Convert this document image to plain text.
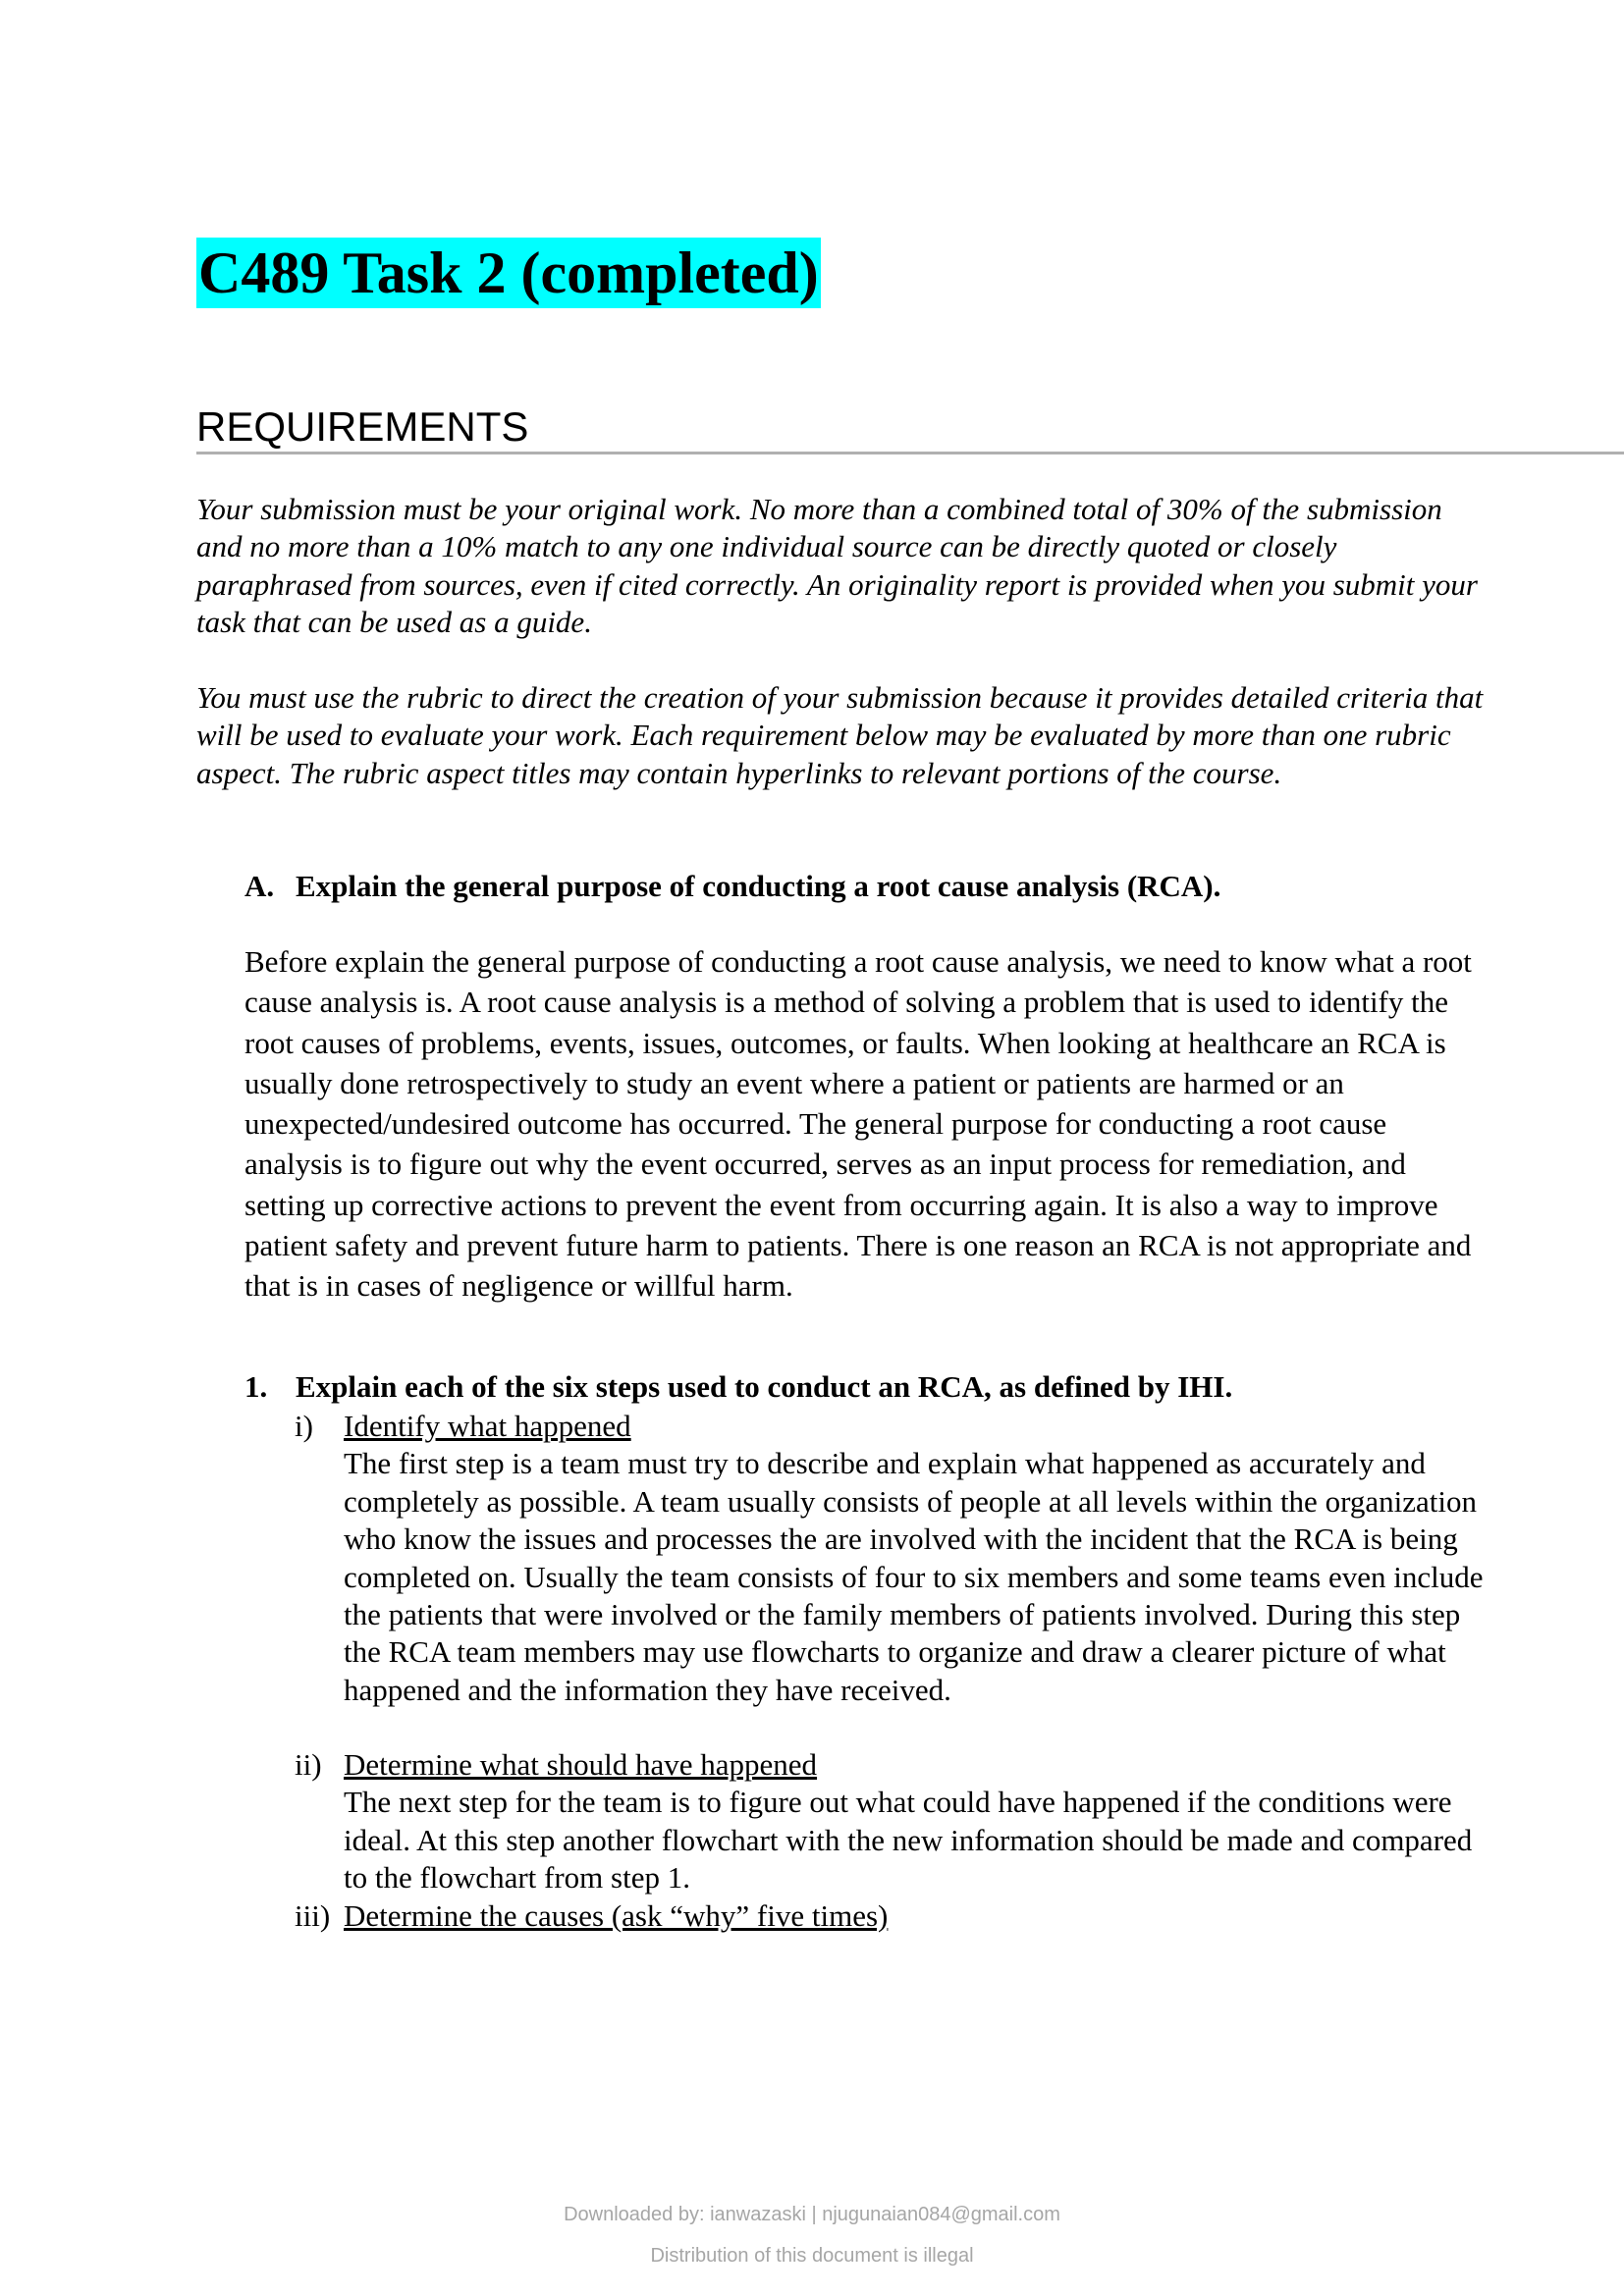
C489 Task 2 (completed)
REQUIREMENTS
Your submission must be your original work. No more than a combined total of 30% of the submission and no more than a 10% match to any one individual source can be directly quoted or closely paraphrased from sources, even if cited correctly. An originality report is provided when you submit your task that can be used as a guide.
You must use the rubric to direct the creation of your submission because it provides detailed criteria that will be used to evaluate your work. Each requirement below may be evaluated by more than one rubric aspect. The rubric aspect titles may contain hyperlinks to relevant portions of the course.
A. Explain the general purpose of conducting a root cause analysis (RCA).
Before explain the general purpose of conducting a root cause analysis, we need to know what a root cause analysis is. A root cause analysis is a method of solving a problem that is used to identify the root causes of problems, events, issues, outcomes, or faults. When looking at healthcare an RCA is usually done retrospectively to study an event where a patient or patients are harmed or an unexpected/undesired outcome has occurred. The general purpose for conducting a root cause analysis is to figure out why the event occurred, serves as an input process for remediation, and setting up corrective actions to prevent the event from occurring again. It is also a way to improve patient safety and prevent future harm to patients. There is one reason an RCA is not appropriate and that is in cases of negligence or willful harm.
1. Explain each of the six steps used to conduct an RCA, as defined by IHI.
i) Identify what happened
The first step is a team must try to describe and explain what happened as accurately and completely as possible. A team usually consists of people at all levels within the organization who know the issues and processes the are involved with the incident that the RCA is being completed on. Usually the team consists of four to six members and some teams even include the patients that were involved or the family members of patients involved. During this step the RCA team members may use flowcharts to organize and draw a clearer picture of what happened and the information they have received.
ii) Determine what should have happened
The next step for the team is to figure out what could have happened if the conditions were ideal. At this step another flowchart with the new information should be made and compared to the flowchart from step 1.
iii) Determine the causes (ask “why” five times)
Downloaded by: ianwazaski | njugunaian084@gmail.com
Distribution of this document is illegal
